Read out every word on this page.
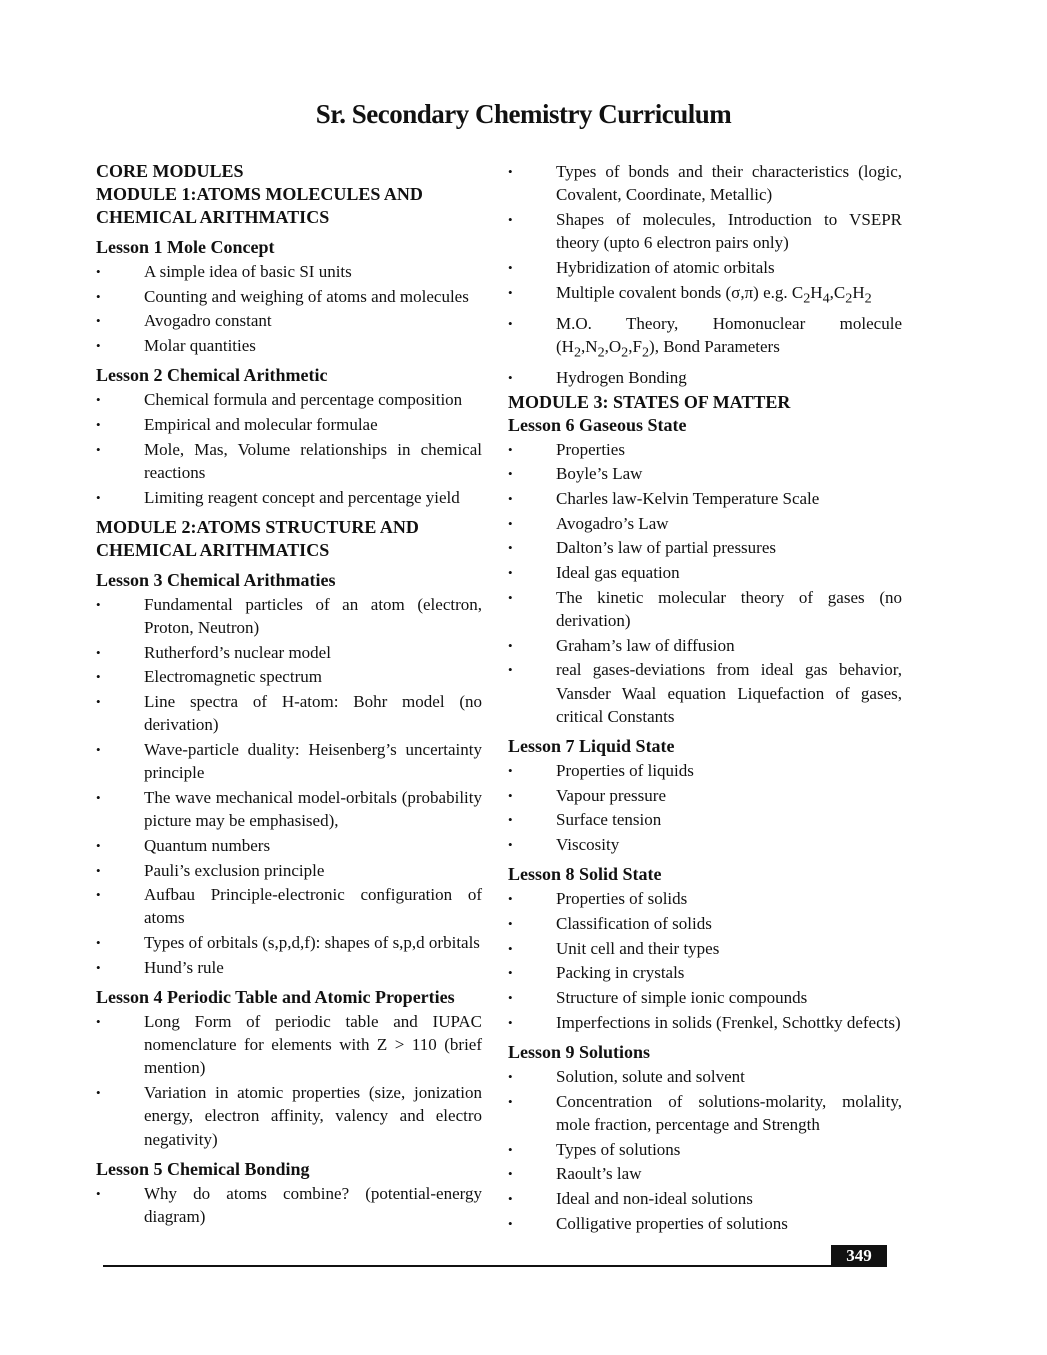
Sr. Secondary Chemistry Curriculum
CORE MODULES
MODULE 1:ATOMS MOLECULES AND CHEMICAL ARITHMATICS
Lesson 1 Mole Concept
•	A simple idea of basic SI units
•	Counting and weighing of atoms and molecules
•	Avogadro constant
•	Molar quantities
Lesson 2 Chemical Arithmetic
•	Chemical formula and percentage composition
•	Empirical and molecular formulae
•	Mole, Mas, Volume relationships in chemical reactions
•	Limiting reagent concept and percentage yield
MODULE 2:ATOMS STRUCTURE AND CHEMICAL ARITHMATICS
Lesson 3 Chemical Arithmaties
•	Fundamental particles of an atom (electron, Proton, Neutron)
•	Rutherford’s nuclear model
•	Electromagnetic spectrum
•	Line spectra of H-atom: Bohr model (no derivation)
•	Wave-particle duality: Heisenberg’s uncertainty principle
•	The wave mechanical model-orbitals (probability picture may be emphasised),
•	Quantum numbers
•	Pauli’s exclusion principle
•	Aufbau Principle-electronic configuration of atoms
•	Types of orbitals (s,p,d,f): shapes of s,p,d orbitals
•	Hund’s rule
Lesson 4 Periodic Table and Atomic Properties
•	Long Form of periodic table and IUPAC nomenclature for elements with Z > 110 (brief mention)
•	Variation in atomic properties (size, jonization energy, electron affinity, valency and electro negativity)
Lesson 5 Chemical Bonding
•	Why do atoms combine? (potential-energy diagram)
•	Types of bonds and their characteristics (logic, Covalent, Coordinate, Metallic)
•	Shapes of molecules, Introduction to VSEPR theory (upto 6 electron pairs only)
•	Hybridization of atomic orbitals
•	Multiple covalent bonds (σ,π) e.g. $C_2H_4,C_2H_2$
•	M.O. Theory, Homonuclear molecule $(H_2,N_2,O_2,F_2)$, Bond Parameters
•	Hydrogen Bonding
MODULE 3: STATES OF MATTER
Lesson 6 Gaseous State
•	Properties
•	Boyle’s Law
•	Charles law-Kelvin Temperature Scale
•	Avogadro’s Law
•	Dalton’s law of partial pressures
•	Ideal gas equation
•	The kinetic molecular theory of gases (no derivation)
•	Graham’s law of diffusion
•	real gases-deviations from ideal gas behavior, Vansder Waal equation Liquefaction of gases, critical Constants
Lesson 7 Liquid State
•	Properties of liquids
•	Vapour pressure
•	Surface tension
•	Viscosity
Lesson 8 Solid State
•	Properties of solids
•	Classification of solids
•	Unit cell and their types
•	Packing in crystals
•	Structure of simple ionic compounds
•	Imperfections in solids (Frenkel, Schottky defects)
Lesson 9 Solutions
•	Solution, solute and solvent
•	Concentration of solutions-molarity, molality, mole fraction, percentage and Strength
•	Types of solutions
•	Raoult’s law
•	Ideal and non-ideal solutions
•	Colligative properties of solutions
349
